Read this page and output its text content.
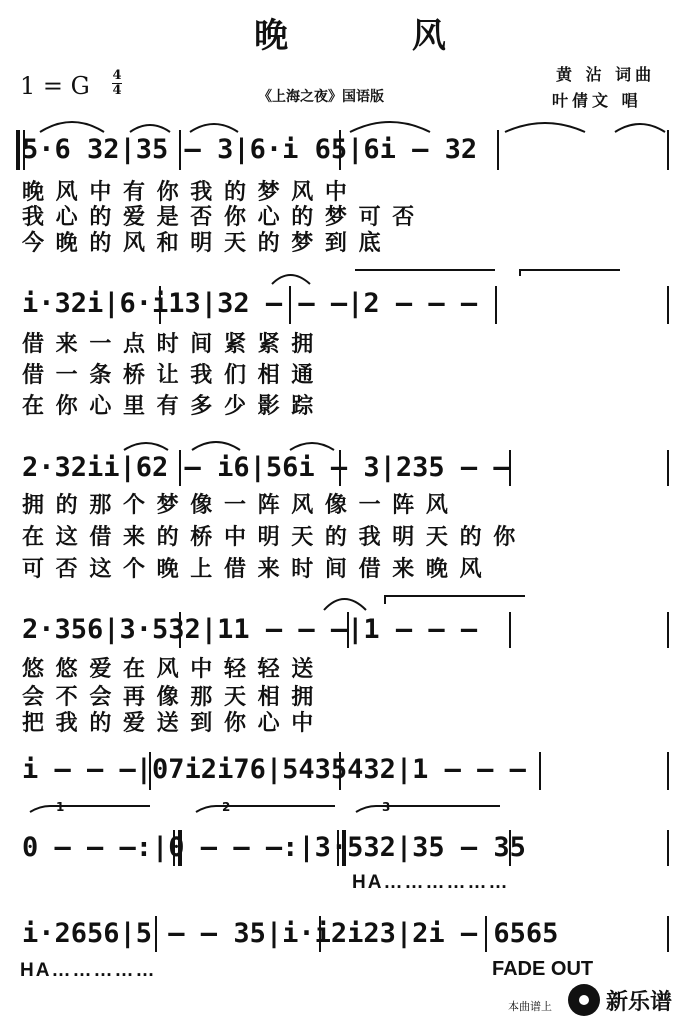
晚 风
1 = G 4
4	《上海之夜》国语版
黄 沾 词曲
叶倩文 唱
5·6 32|35 — 3|6·i 65|6i — 32
晚 风 中 有 你 我 的 梦 风 中
我 心 的 爱 是 否 你 心 的 梦 可 否
今 晚 的 风 和 明 天 的 梦 到 底
i·32i|6·i13|32 — — —|2 — — —
借 来 一 点 时 间 紧 紧 拥
借 一 条 桥 让 我 们 相 通
在 你 心 里 有 多 少 影 踪
2·32ii|62 — i6|56i — 3|235 — —
拥 的 那 个 梦 像 一 阵 风 像 一 阵 风
在 这 借 来 的 桥 中 明 天 的 我 明 天 的 你
可 否 这 个 晚 上 借 来 时 间 借 来 晚 风
2·356|3·532|11 — — —|1 — — —
悠 悠 爱 在 风 中 轻 轻 送
会 不 会 再 像 那 天 相 拥
把 我 的 爱 送 到 你 心 中
i — — —|07i2i76|5435432|1 — — —
0 — — —:|0 — — —:|3·532|35 — 35
1	2	3
HA………………
i·2656|5 — — 35|i·i2i23|2i — 6565
HA……………	FADE OUT
本曲谱上 新乐谱
